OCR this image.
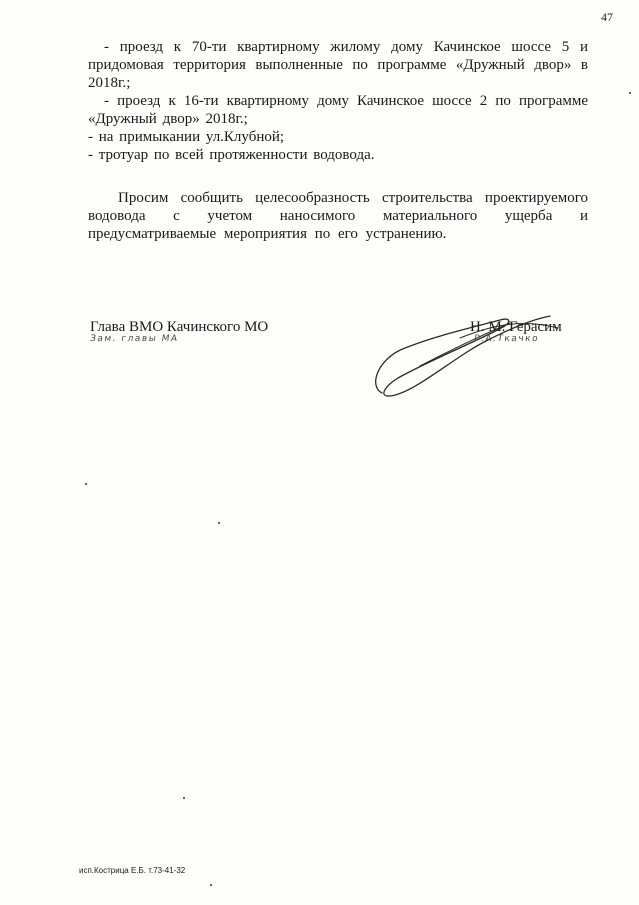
47

- проезд к 70-ти квартирному жилому дому Качинское шоссе 5 и придомовая территория выполненные по программе «Дружный двор» в 2018г.;

- проезд к 16-ти квартирному дому Качинское шоссе 2 по программе «Дружный двор» 2018г.;

- на примыкании ул.Клубной;

- тротуар по всей протяженности водовода.

Просим сообщить целесообразность строительства проектируемого водовода с учетом наносимого материального ущерба и предусматриваемые мероприятия по его устранению.

Глава ВМО Качинского МО
Зам. главы МА
Н. М. Герасим
Р.А.Ткачко
исп.Кострица Е.Б. т.73-41-32
